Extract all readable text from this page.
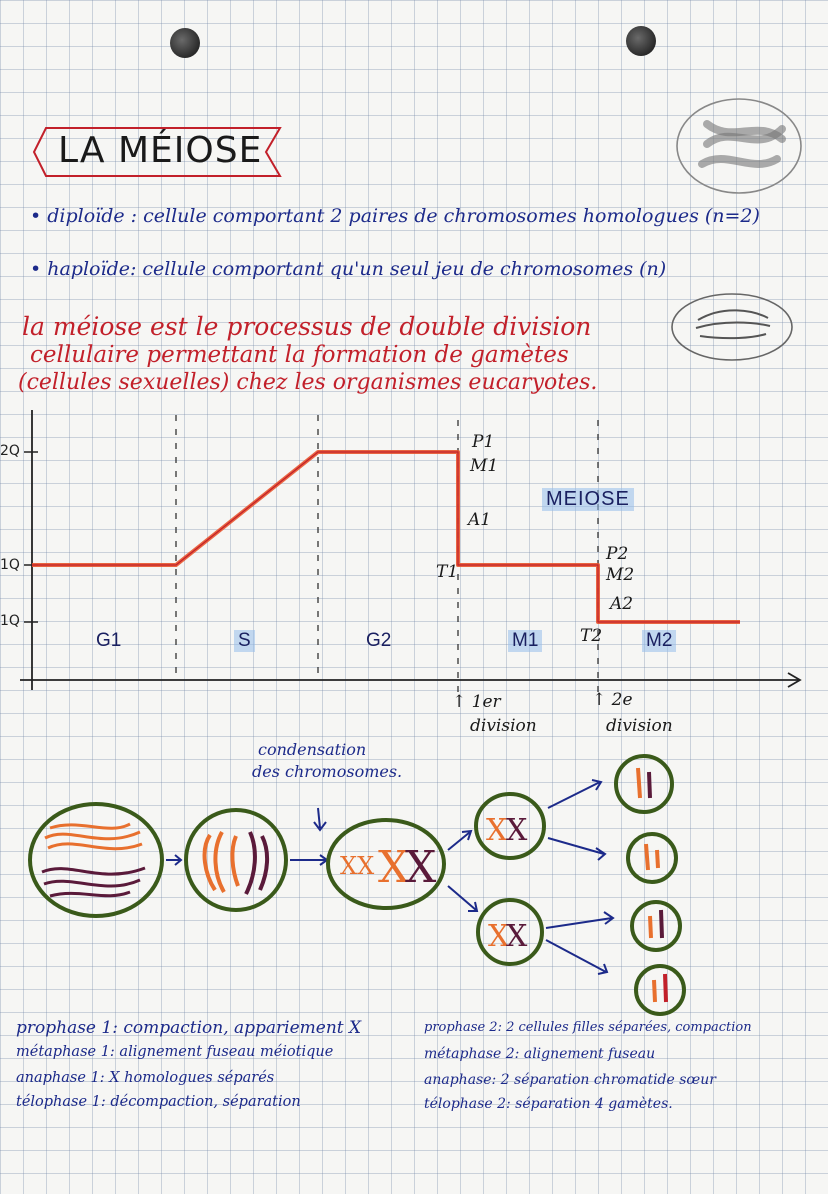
LA MÉIOSE
• diploïde : cellule comportant 2 paires de chromosomes homologues (n=2)
• haploïde: cellule comportant qu'un seul jeu de chromosomes (n)
la méiose est le processus de double division
cellulaire permettant la formation de gamètes
(cellules sexuelles) chez les organismes eucaryotes.
2Q
1Q
1Q
G1	S	G2	M1	M2
MEIOSE
P1
M1
A1
T1
P2
M2
A2
T2
↑ 1er
division
↑ 2e
division
condensation
des chromosomes.
XX X
X
X
X
X
X
prophase 1: compaction, appariement X
métaphase 1: alignement fuseau méiotique
anaphase 1: X homologues séparés
télophase 1: décompaction, séparation
prophase 2: 2 cellules filles séparées, compaction
métaphase 2: alignement fuseau
anaphase: 2 séparation chromatide sœur
télophase 2: séparation 4 gamètes.
